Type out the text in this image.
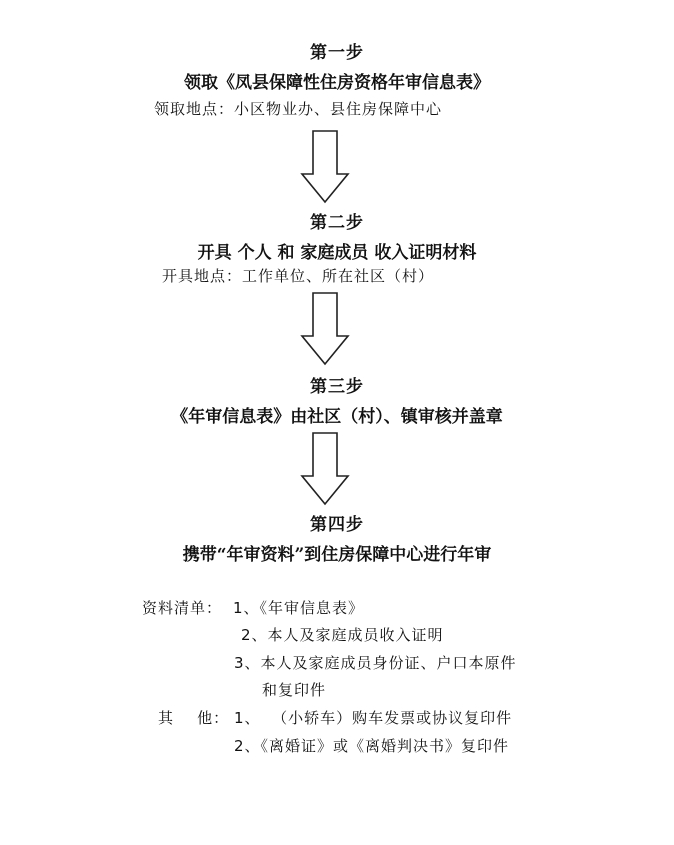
第一步
领取《凤县保障性住房资格年审信息表》
领取地点：小区物业办、县住房保障中心
第二步
开具 个人 和 家庭成员 收入证明材料
开具地点：工作单位、所在社区（村）
第三步
《年审信息表》由社区（村）、镇审核并盖章
第四步
携带“年审资料”到住房保障中心进行年审
资料清单： 1、《年审信息表》
2、本人及家庭成员收入证明
3、本人及家庭成员身份证、户口本原件
和复印件
其    他： 1、  （小轿车）购车发票或协议复印件
2、《离婚证》或《离婚判决书》复印件
